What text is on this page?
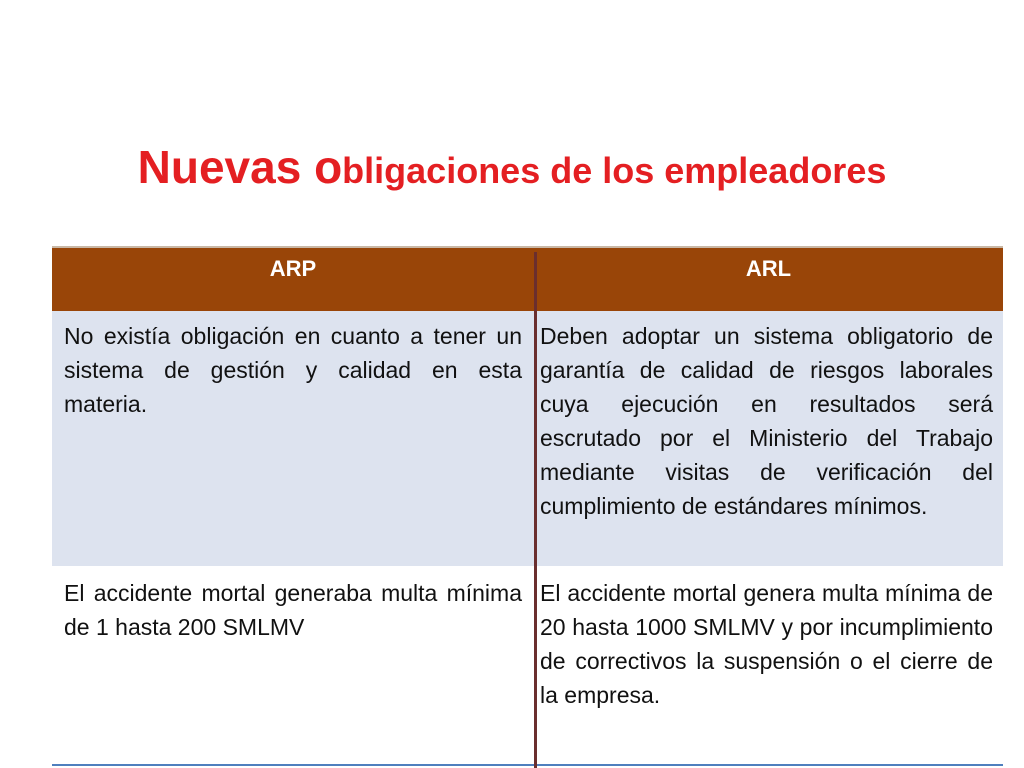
Nuevas obligaciones de los empleadores
ARP	ARL
No existía obligación en cuanto a tener un sistema de gestión y calidad en esta materia.	Deben adoptar un sistema obligatorio de garantía de calidad de riesgos laborales cuya ejecución en resultados será escrutado por el Ministerio del Trabajo mediante visitas de verificación del cumplimiento de estándares mínimos.
El accidente mortal generaba multa mínima de 1 hasta 200 SMLMV	El accidente mortal genera multa mínima de 20 hasta 1000 SMLMV y por incumplimiento de correctivos la suspensión o el cierre de la empresa.
